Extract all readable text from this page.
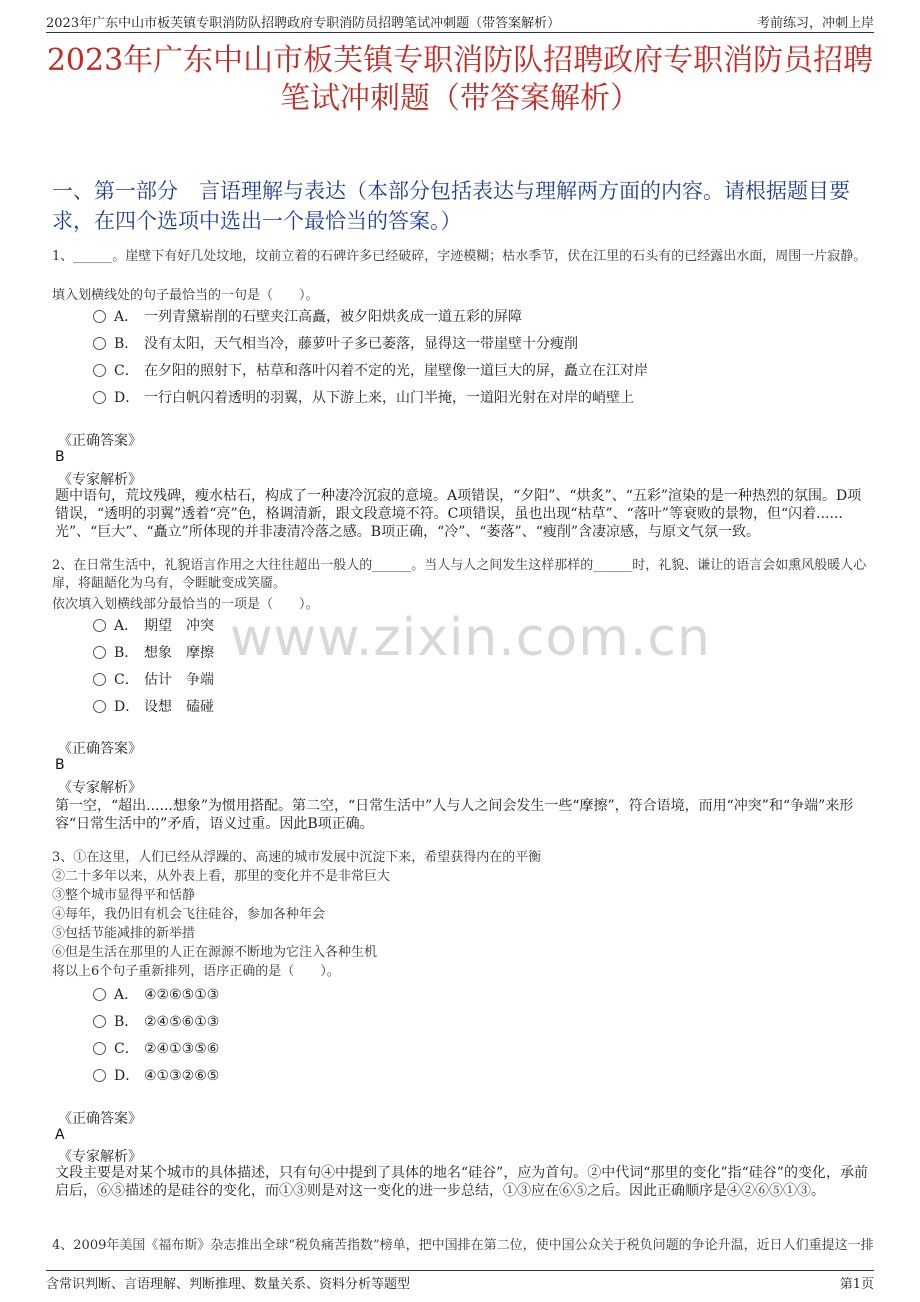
2023年广东中山市板芙镇专职消防队招聘政府专职消防员招聘笔试冲刺题（带答案解析）	考前练习，冲刺上岸
2023年广东中山市板芙镇专职消防队招聘政府专职消防员招聘笔试冲刺题（带答案解析）
一、第一部分　言语理解与表达（本部分包括表达与理解两方面的内容。请根据题目要求，在四个选项中选出一个最恰当的答案。）
www.zixin.com.cn
1、______。崖壁下有好几处坟地，坟前立着的石碑许多已经破碎，字迹模糊；枯水季节，伏在江里的石头有的已经露出水面，周围一片寂静。
填入划横线处的句子最恰当的一句是（　　）。
A． 一列青黛崭削的石壁夹江高矗，被夕阳烘炙成一道五彩的屏障
B． 没有太阳，天气相当冷，藤萝叶子多已萎落，显得这一带崖壁十分瘦削
C． 在夕阳的照射下，枯草和落叶闪着不定的光，崖壁像一道巨大的屏，矗立在江对岸
D． 一行白帆闪着透明的羽翼，从下游上来，山门半掩，一道阳光射在对岸的峭壁上
《正确答案》
B
《专家解析》
题中语句，荒坟残碑，瘦水枯石，构成了一种凄冷沉寂的意境。A项错误，“夕阳”、“烘炙”、“五彩”渲染的是一种热烈的氛围。D项错误，“透明的羽翼”透着“亮”色，格调清新，跟文段意境不符。C项错误，虽也出现“枯草”、“落叶”等衰败的景物，但“闪着......光”、“巨大”、“矗立”所体现的并非凄清冷落之感。B项正确，“冷”、“萎落”、“瘦削”含凄凉感，与原文气氛一致。
2、在日常生活中，礼貌语言作用之大往往超出一般人的______。当人与人之间发生这样那样的______时，礼貌、谦让的语言会如熏风般暖人心扉，将龃龉化为乌有，令睚眦变成笑靥。
依次填入划横线部分最恰当的一项是（　　）。
A． 期望　冲突
B． 想象　摩擦
C． 估计　争端
D． 设想　磕碰
《正确答案》
B
《专家解析》
第一空，“超出......想象”为惯用搭配。第二空，“日常生活中”人与人之间会发生一些“摩擦”，符合语境，而用“冲突”和“争端”来形容“日常生活中的”矛盾，语义过重。因此B项正确。
3、①在这里，人们已经从浮躁的、高速的城市发展中沉淀下来，希望获得内在的平衡
②二十多年以来，从外表上看，那里的变化并不是非常巨大
③整个城市显得平和恬静
④每年，我仍旧有机会飞往硅谷，参加各种年会
⑤包括节能减排的新举措
⑥但是生活在那里的人正在源源不断地为它注入各种生机
将以上6个句子重新排列，语序正确的是（　　）。
A． ④②⑥⑤①③
B． ②④⑤⑥①③
C． ②④①③⑤⑥
D． ④①③②⑥⑤
《正确答案》
A
《专家解析》
文段主要是对某个城市的具体描述，只有句④中提到了具体的地名“硅谷”，应为首句。②中代词“那里的变化”指“硅谷”的变化，承前启后，⑥⑤描述的是硅谷的变化，而①③则是对这一变化的进一步总结，①③应在⑥⑤之后。因此正确顺序是④②⑥⑤①③。
4、2009年美国《福布斯》杂志推出全球“税负痛苦指数”榜单，把中国排在第二位，使中国公众关于税负问题的争论升温，近日人们重提这一排
含常识判断、言语理解、判断推理、数量关系、资料分析等题型	第1页
